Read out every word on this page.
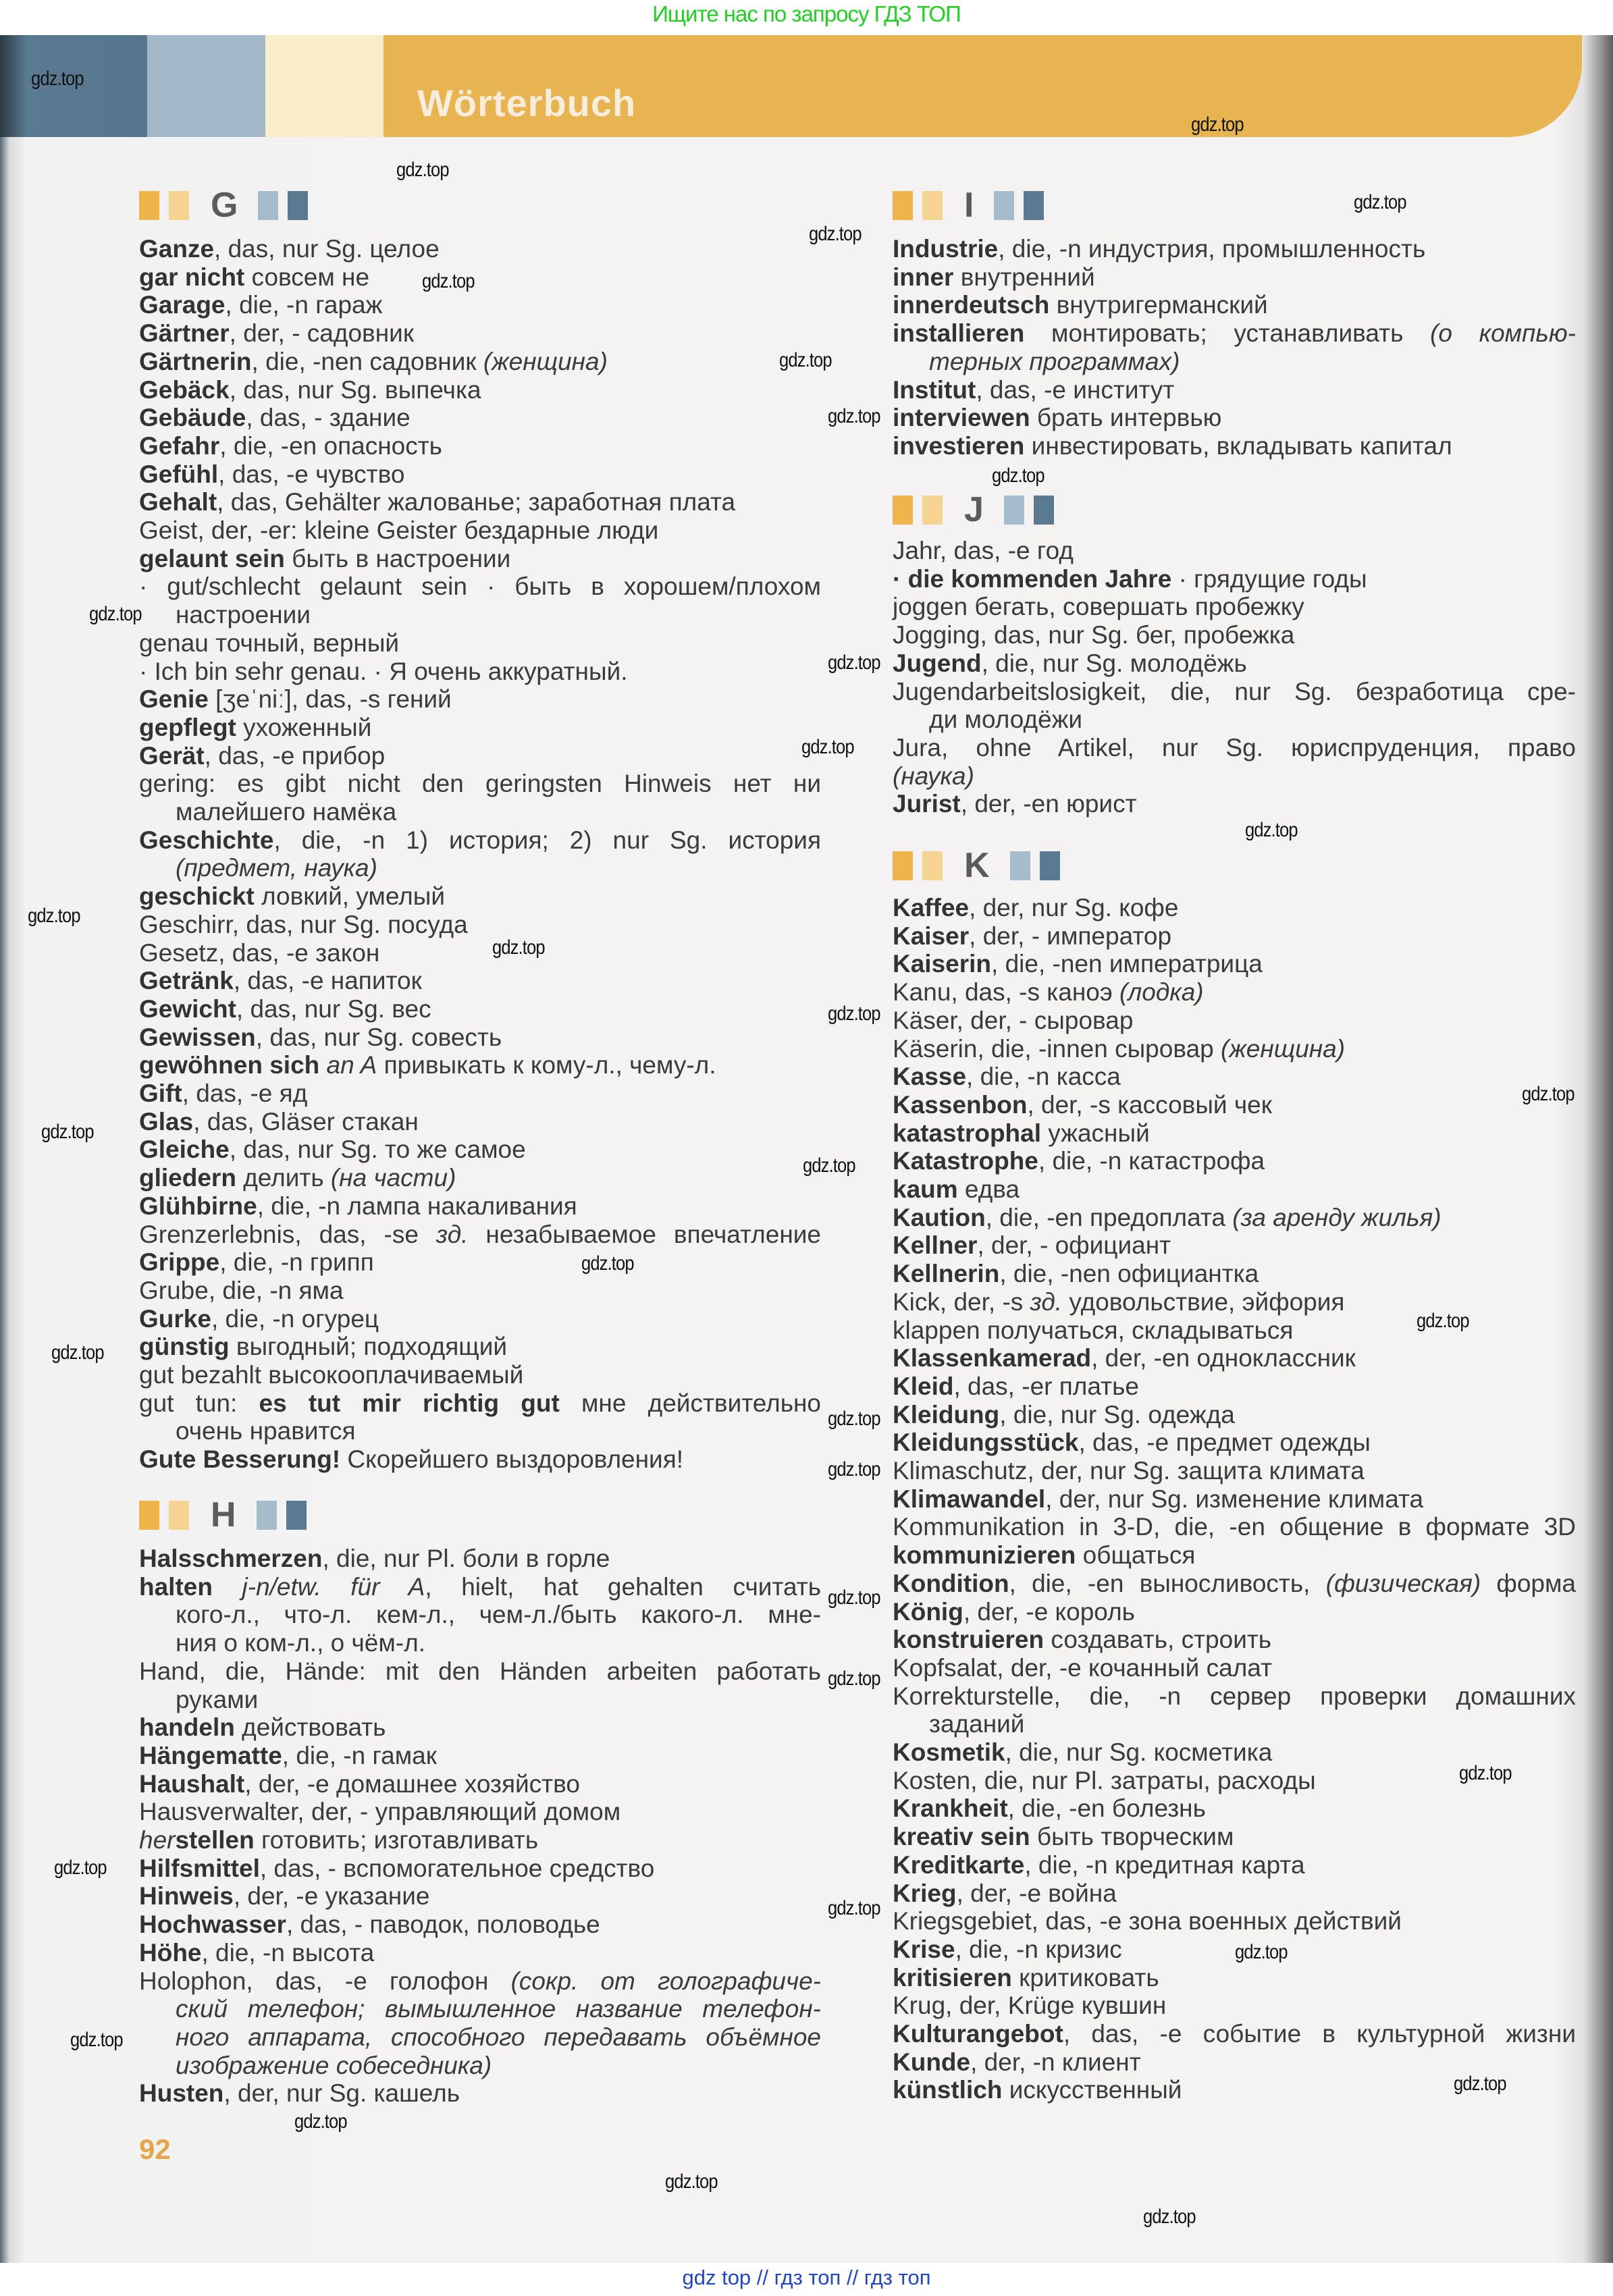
Ищите нас по запросу ГДЗ ТОП
Wörterbuch
G
Ganze, das, nur Sg. целое
gar nicht совсем не
Garage, die, -n гараж
Gärtner, der, - садовник
Gärtnerin, die, -nen садовник (женщина)
Gebäck, das, nur Sg. выпечка
Gebäude, das, - здание
Gefahr, die, -en опасность
Gefühl, das, -e чувство
Gehalt, das, Gehälter жалованье; заработная плата
Geist, der, -er: kleine Geister бездарные люди
gelaunt sein быть в настроении
· gut/schlecht gelaunt sein · быть в хорошем/плохом
настроении
genau точный, верный
· Ich bin sehr genau. · Я очень аккуратный.
Genie [ʒeˈniː], das, -s гений
gepflegt ухоженный
Gerät, das, -e прибор
gering: es gibt nicht den geringsten Hinweis нет ни
малейшего намёка
Geschichte, die, -n 1) история; 2) nur Sg. история
(предмет, наука)
geschickt ловкий, умелый
Geschirr, das, nur Sg. посуда
Gesetz, das, -e закон
Getränk, das, -e напиток
Gewicht, das, nur Sg. вес
Gewissen, das, nur Sg. совесть
gewöhnen sich an A привыкать к кому-л., чему-л.
Gift, das, -e яд
Glas, das, Gläser стакан
Gleiche, das, nur Sg. то же самое
gliedern делить (на части)
Glühbirne, die, -n лампа накаливания
Grenzerlebnis, das, -se зд. незабываемое впечатление
Grippe, die, -n грипп
Grube, die, -n яма
Gurke, die, -n огурец
günstig выгодный; подходящий
gut bezahlt высокооплачиваемый
gut tun: es tut mir richtig gut мне действительно
очень нравится
Gute Besserung! Скорейшего выздоровления!
H
Halsschmerzen, die, nur Pl. боли в горле
halten j-n/etw. für A, hielt, hat gehalten считать
кого-л., что-л. кем-л., чем-л./быть какого-л. мне-
ния о ком-л., о чём-л.
Hand, die, Hände: mit den Händen arbeiten работать
руками
handeln действовать
Hängematte, die, -n гамак
Haushalt, der, -e домашнее хозяйство
Hausverwalter, der, - управляющий домом
herstellen готовить; изготавливать
Hilfsmittel, das, - вспомогательное средство
Hinweis, der, -e указание
Hochwasser, das, - паводок, половодье
Höhe, die, -n высота
Holophon, das, -e голофон (сокр. от голографиче-
ский телефон; вымышленное название телефон-
ного аппарата, способного передавать объёмное
изображение собеседника)
Husten, der, nur Sg. кашель
I
Industrie, die, -n индустрия, промышленность
inner внутренний
innerdeutsch внутригерманский
installieren монтировать; устанавливать (о компью-
терных программах)
Institut, das, -e институт
interviewen брать интервью
investieren инвестировать, вкладывать капитал
J
Jahr, das, -e год
· die kommenden Jahre · грядущие годы
joggen бегать, совершать пробежку
Jogging, das, nur Sg. бег, пробежка
Jugend, die, nur Sg. молодёжь
Jugendarbeitslosigkeit, die, nur Sg. безработица сре-
ди молодёжи
Jura, ohne Artikel, nur Sg. юриспруденция, право
(наука)
Jurist, der, -en юрист
K
Kaffee, der, nur Sg. кофе
Kaiser, der, - император
Kaiserin, die, -nen императрица
Kanu, das, -s каноэ (лодка)
Käser, der, - сыровар
Käserin, die, -innen сыровар (женщина)
Kasse, die, -n касса
Kassenbon, der, -s кассовый чек
katastrophal ужасный
Katastrophe, die, -n катастрофа
kaum едва
Kaution, die, -en предоплата (за аренду жилья)
Kellner, der, - официант
Kellnerin, die, -nen официантка
Kick, der, -s зд. удовольствие, эйфория
klappen получаться, складываться
Klassenkamerad, der, -en одноклассник
Kleid, das, -er платье
Kleidung, die, nur Sg. одежда
Kleidungsstück, das, -e предмет одежды
Klimaschutz, der, nur Sg. защита климата
Klimawandel, der, nur Sg. изменение климата
Kommunikation in 3-D, die, -en общение в формате 3D
kommunizieren общаться
Kondition, die, -en выносливость, (физическая) форма
König, der, -e король
konstruieren создавать, строить
Kopfsalat, der, -e кочанный салат
Korrekturstelle, die, -n сервер проверки домашних
заданий
Kosmetik, die, nur Sg. косметика
Kosten, die, nur Pl. затраты, расходы
Krankheit, die, -en болезнь
kreativ sein быть творческим
Kreditkarte, die, -n кредитная карта
Krieg, der, -e война
Kriegsgebiet, das, -e зона военных действий
Krise, die, -n кризис
kritisieren критиковать
Krug, der, Krüge кувшин
Kulturangebot, das, -e событие в культурной жизни
Kunde, der, -n клиент
künstlich искусственный
92
gdz top // гдз топ // гдз топ
gdz.top
gdz.top
gdz.top
gdz.top
gdz.top
gdz.top
gdz.top
gdz.top
gdz.top
gdz.top
gdz.top
gdz.top
gdz.top
gdz.top
gdz.top
gdz.top
gdz.top
gdz.top
gdz.top
gdz.top
gdz.top
gdz.top
gdz.top
gdz.top
gdz.top
gdz.top
gdz.top
gdz.top
gdz.top
gdz.top
gdz.top
gdz.top
gdz.top
gdz.top
gdz.top
